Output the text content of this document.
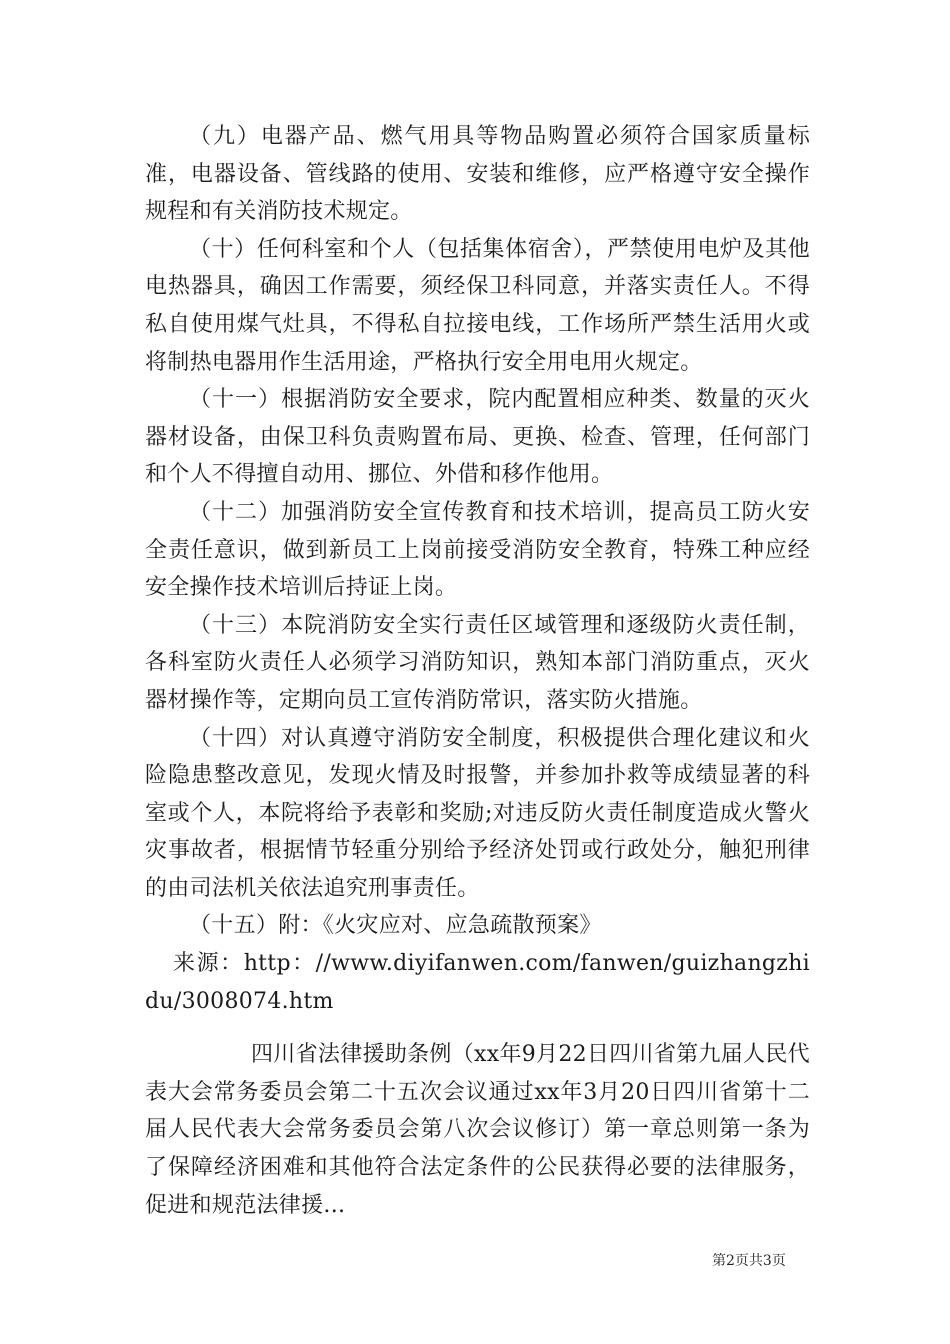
（九）电器产品、燃气用具等物品购置必须符合国家质量标准，电器设备、管线路的使用、安装和维修，应严格遵守安全操作规程和有关消防技术规定。

（十）任何科室和个人（包括集体宿舍），严禁使用电炉及其他电热器具，确因工作需要，须经保卫科同意，并落实责任人。不得私自使用煤气灶具，不得私自拉接电线，工作场所严禁生活用火或将制热电器用作生活用途，严格执行安全用电用火规定。

（十一）根据消防安全要求，院内配置相应种类、数量的灭火器材设备，由保卫科负责购置布局、更换、检查、管理，任何部门和个人不得擅自动用、挪位、外借和移作他用。

（十二）加强消防安全宣传教育和技术培训，提高员工防火安全责任意识，做到新员工上岗前接受消防安全教育，特殊工种应经安全操作技术培训后持证上岗。

（十三）本院消防安全实行责任区域管理和逐级防火责任制，各科室防火责任人必须学习消防知识，熟知本部门消防重点，灭火器材操作等，定期向员工宣传消防常识，落实防火措施。

（十四）对认真遵守消防安全制度，积极提供合理化建议和火险隐患整改意见，发现火情及时报警，并参加扑救等成绩显著的科室或个人，本院将给予表彰和奖励;对违反防火责任制度造成火警火灾事故者，根据情节轻重分别给予经济处罚或行政处分，触犯刑律的由司法机关依法追究刑事责任。

（十五）附：《火灾应对、应急疏散预案》

来源：http：//www.diyifanwen.com/fanwen/guizhangzhidu/3008074.htm

四川省法律援助条例（xx年9月22日四川省第九届人民代表大会常务委员会第二十五次会议通过xx年3月20日四川省第十二届人民代表大会常务委员会第八次会议修订）第一章总则第一条为了保障经济困难和其他符合法定条件的公民获得必要的法律服务，促进和规范法律援...

第2页共3页
